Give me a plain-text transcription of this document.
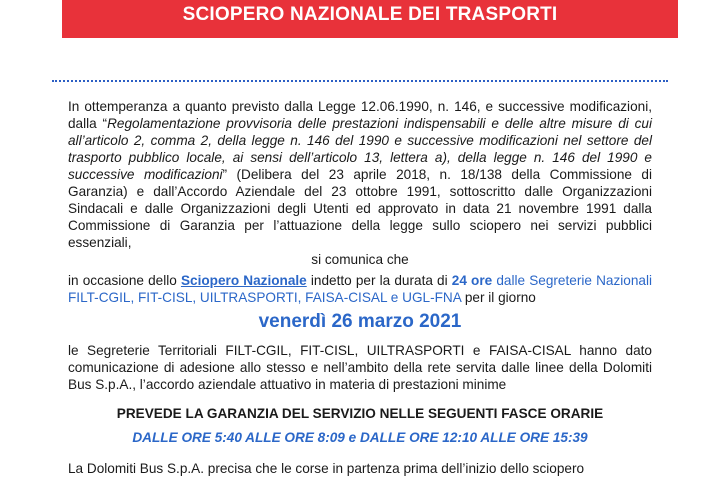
SCIOPERO NAZIONALE DEI TRASPORTI
In ottemperanza a quanto previsto dalla Legge 12.06.1990, n. 146, e successive modificazioni, dalla “Regolamentazione provvisoria delle prestazioni indispensabili e delle altre misure di cui all’articolo 2, comma 2, della legge n. 146 del 1990 e successive modificazioni nel settore del trasporto pubblico locale, ai sensi dell’articolo 13, lettera a), della legge n. 146 del 1990 e successive modificazioni” (Delibera del 23 aprile 2018, n. 18/138 della Commissione di Garanzia) e dall’Accordo Aziendale del 23 ottobre 1991, sottoscritto dalle Organizzazioni Sindacali e dalle Organizzazioni degli Utenti ed approvato in data 21 novembre 1991 dalla Commissione di Garanzia per l’attuazione della legge sullo sciopero nei servizi pubblici essenziali,
si comunica che
in occasione dello Sciopero Nazionale indetto per la durata di 24 ore dalle Segreterie Nazionali FILT-CGIL, FIT-CISL, UILTRASPORTI, FAISA-CISAL e UGL-FNA per il giorno
venerdì 26 marzo 2021
le Segreterie Territoriali FILT-CGIL, FIT-CISL, UILTRASPORTI e FAISA-CISAL hanno dato comunicazione di adesione allo stesso e nell’ambito della rete servita dalle linee della Dolomiti Bus S.p.A., l’accordo aziendale attuativo in materia di prestazioni minime
PREVEDE LA GARANZIA DEL SERVIZIO NELLE SEGUENTI FASCE ORARIE
DALLE ORE 5:40 ALLE ORE 8:09 e DALLE ORE 12:10 ALLE ORE 15:39
La Dolomiti Bus S.p.A. precisa che le corse in partenza prima dell’inizio dello sciopero
